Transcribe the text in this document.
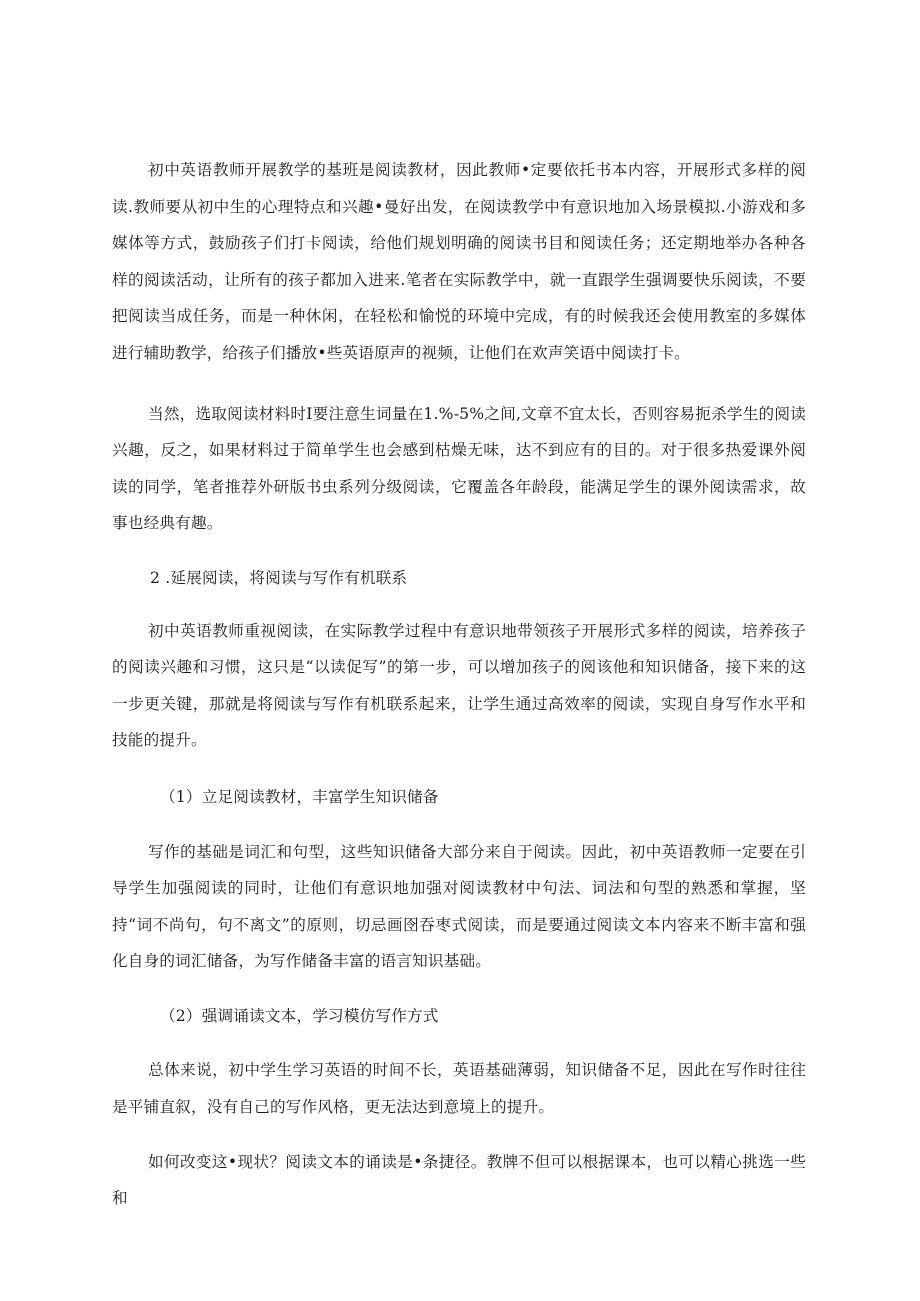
初中英语教师开展教学的基班是阅读教材，因此教师•定要依托书本内容，开展形式多样的阅读.教师要从初中生的心理特点和兴趣•曼好出发，在阅读教学中有意识地加入场景模拟.小游戏和多媒体等方式，鼓励孩子们打卡阅读，给他们规划明确的阅读书目和阅读任务；还定期地举办各种各样的阅读活动，让所有的孩子都加入进来.笔者在实际教学中，就一直跟学生强调要快乐阅读，不要把阅读当成任务，而是一种休闲，在轻松和愉悦的环境中完成，有的时候我还会使用教室的多媒体进行辅助教学，给孩子们播放•些英语原声的视频，让他们在欢声笑语中阅读打卡。

当然，选取阅读材料时I要注意生词量在1.%-5%之间,文章不宜太长，否则容易扼杀学生的阅读兴趣，反之，如果材料过于简单学生也会感到枯燥无味，达不到应有的目的。对于很多热爱课外阅读的同学，笔者推荐外研版书虫系列分级阅读，它覆盖各年龄段，能满足学生的课外阅读需求，故事也经典有趣。

2 .延展阅读，将阅读与写作有机联系

初中英语教师重视阅读，在实际教学过程中有意识地带领孩子开展形式多样的阅读，培养孩子的阅读兴趣和习惯，这只是“以读促写”的第一步，可以增加孩子的阅该他和知识储备，接下来的这一步更关键，那就是将阅读与写作有机联系起来，让学生通过高效率的阅读，实现自身写作水平和技能的提升。

（1）立足阅读教材，丰富学生知识储备

写作的基础是词汇和句型，这些知识储备大部分来自于阅读。因此，初中英语教师一定要在引导学生加强阅读的同时，让他们有意识地加强对阅读教材中句法、词法和句型的熟悉和掌握，坚持“词不尚句，句不离文”的原则，切忌画囹吞枣式阅读，而是要通过阅读文本内容来不断丰富和强化自身的词汇储备，为写作储备丰富的语言知识基础。

（2）强调诵读文本，学习模仿写作方式

总体来说，初中学生学习英语的时间不长，英语基础薄弱，知识储备不足，因此在写作时往往是平铺直叙，没有自己的写作风格，更无法达到意境上的提升。

如何改变这•现状？阅读文本的诵读是•条捷径。教牌不但可以根据课本，也可以精心挑选一些和
